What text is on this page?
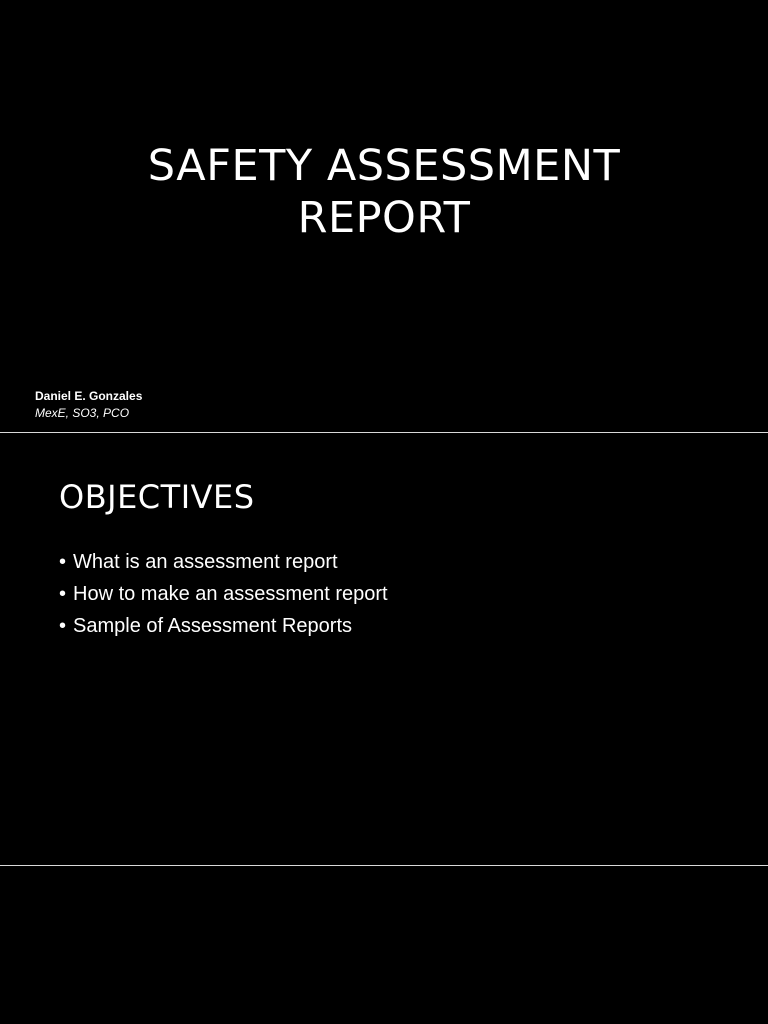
SAFETY ASSESSMENT
REPORT

Daniel E. Gonzales

MexE, SO3, PCO

OBJECTIVES
• What is an assessment report
• How to make an assessment report
• Sample of Assessment Reports
